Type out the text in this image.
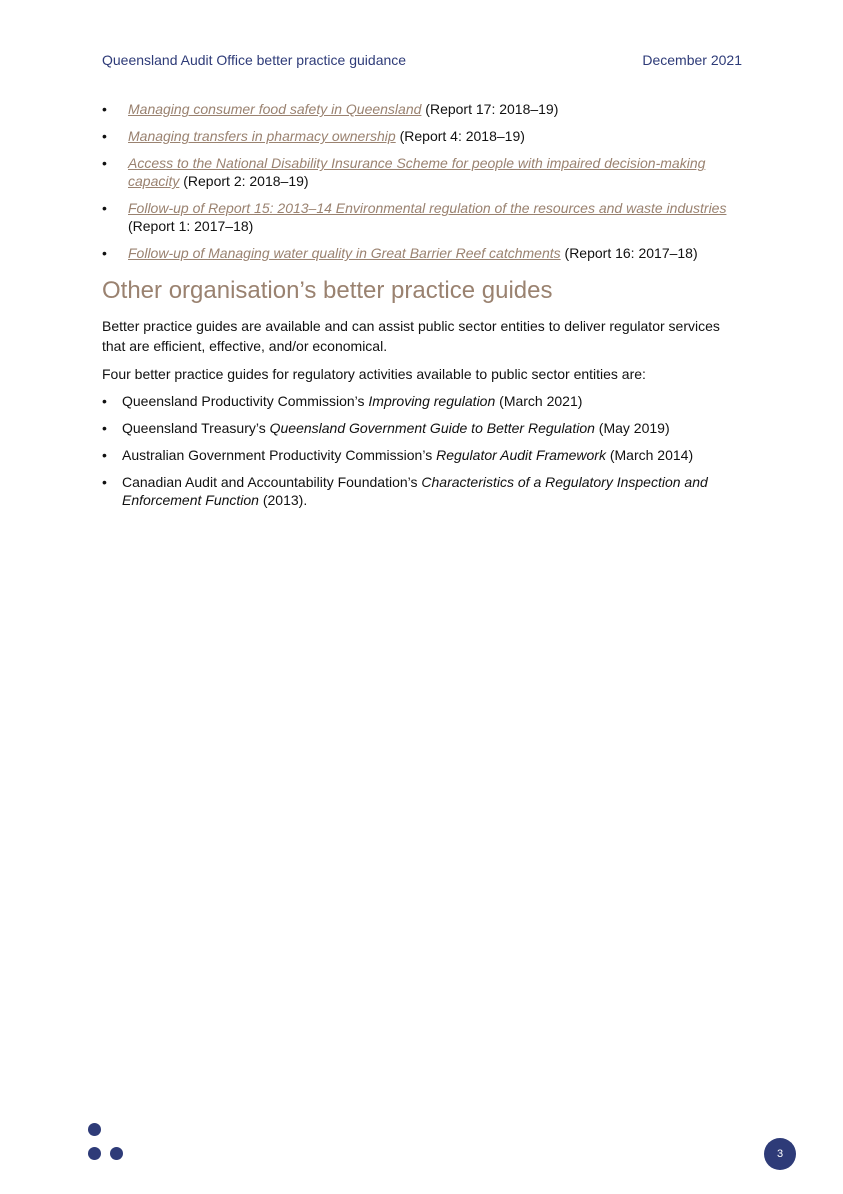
Queensland Audit Office better practice guidance	December 2021
• Managing consumer food safety in Queensland (Report 17: 2018–19)
• Managing transfers in pharmacy ownership (Report 4: 2018–19)
• Access to the National Disability Insurance Scheme for people with impaired decision-making capacity (Report 2: 2018–19)
• Follow-up of Report 15: 2013–14 Environmental regulation of the resources and waste industries
(Report 1: 2017–18)
• Follow-up of Managing water quality in Great Barrier Reef catchments (Report 16: 2017–18)
Other organisation’s better practice guides

Better practice guides are available and can assist public sector entities to deliver regulator services that are efficient, effective, and/or economical.

Four better practice guides for regulatory activities available to public sector entities are:

• Queensland Productivity Commission’s Improving regulation (March 2021)
• Queensland Treasury’s Queensland Government Guide to Better Regulation (May 2019)
• Australian Government Productivity Commission’s Regulator Audit Framework (March 2014)
• Canadian Audit and Accountability Foundation’s Characteristics of a Regulatory Inspection and Enforcement Function (2013).
3
